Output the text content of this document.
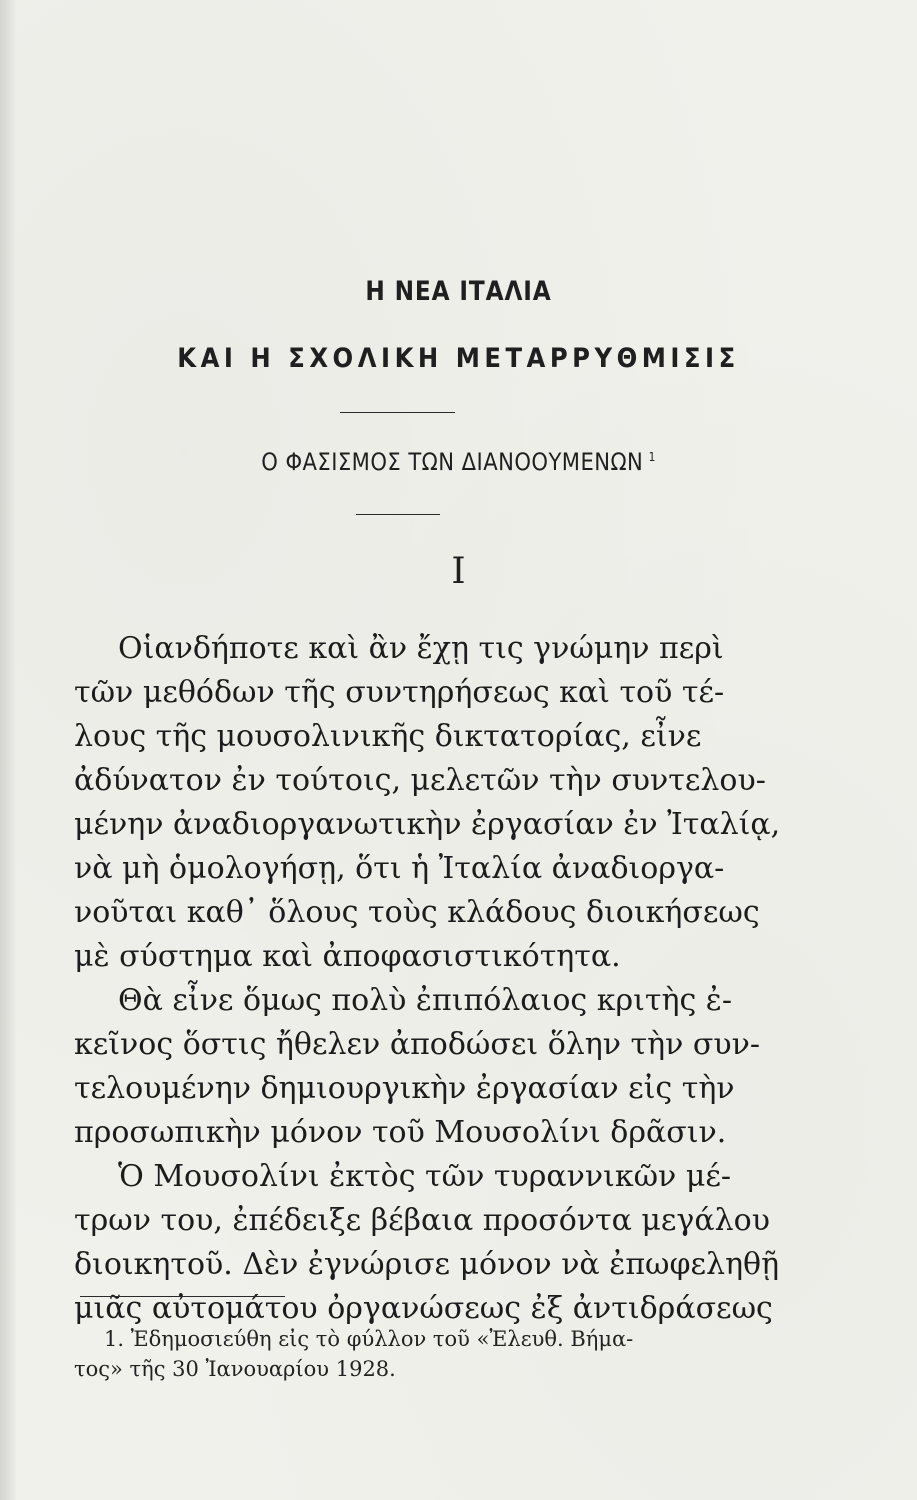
Η ΝΕΑ ΙΤΑΛΙΑ
ΚΑΙ Η ΣΧΟΛΙΚΗ ΜΕΤΑΡΡΥΘΜΙΣΙΣ
Ο ΦΑΣΙΣΜΟΣ ΤΩΝ ΔΙΑΝΟΟΥΜΕΝΩΝ $^1$
I
Οἱανδήποτε καὶ ἂν ἔχῃ τις γνώμην περὶ
τῶν μεθόδων τῆς συντηρήσεως καὶ τοῦ τέ-
λους τῆς μουσολινικῆς δικτατορίας, εἶνε
ἀδύνατον ἐν τούτοις, μελετῶν τὴν συντελου-
μένην ἀναδιοργανωτικὴν ἐργασίαν ἐν Ἰταλίᾳ,
νὰ μὴ ὁμολογήσῃ, ὅτι ἡ Ἰταλία ἀναδιοργα-
νοῦται καθ᾽ ὅλους τοὺς κλάδους διοικήσεως
μὲ σύστημα καὶ ἀποφασιστικότητα.
Θὰ εἶνε ὅμως πολὺ ἐπιπόλαιος κριτὴς ἐ-
κεῖνος ὅστις ἤθελεν ἀποδώσει ὅλην τὴν συν-
τελουμένην δημιουργικὴν ἐργασίαν εἰς τὴν
προσωπικὴν μόνον τοῦ Μουσολίνι δρᾶσιν.
Ὁ Μουσολίνι ἐκτὸς τῶν τυραννικῶν μέ-
τρων του, ἐπέδειξε βέβαια προσόντα μεγάλου
διοικητοῦ. Δὲν ἐγνώρισε μόνον νὰ ἐπωφεληθῇ
μιᾶς αὐτομάτου ὀργανώσεως ἐξ ἀντιδράσεως
1. Ἐδημοσιεύθη εἰς τὸ φύλλον τοῦ «Ἐλευθ. Βήμα-
τος» τῆς 30 Ἰανουαρίου 1928.
